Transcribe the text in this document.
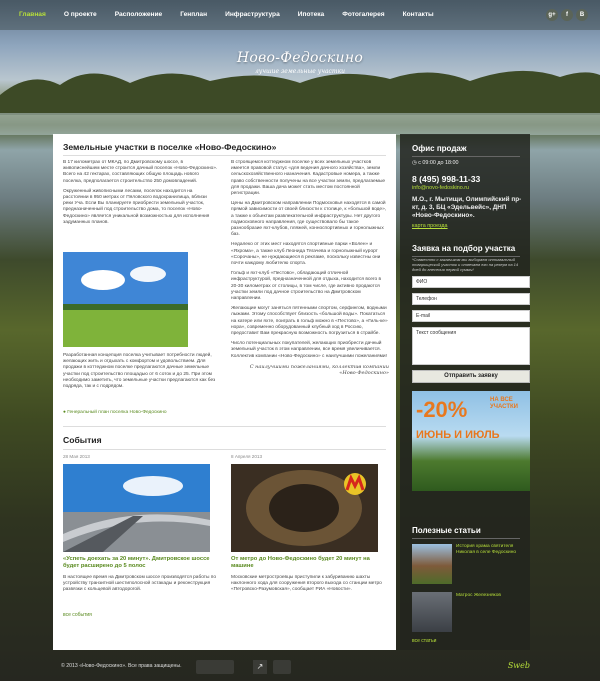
Главная	О проекте	Расположение	Генплан	Инфраструктура	Ипотека	Фотогалерея	Контакты	g+	f	В
Ново-Федоскино
лучшие земельные участки
Земельные участки в поселке «Ново-Федоскино»

В 17 километрах от МКАД, по Дмитровскому шоссе, в живописнейшем месте строится дачный поселок «Ново-Федоскино». Всего на 42 гектарах, составляющих общую площадь нового поселка, предполагается строительство 250 домовладений.

Окруженный живописными лесами, поселок находится на расстоянии в 950 метрах от Пяловского водохранилища, вблизи реки Уча. Если Вы планируете приобрести земельный участок, предназначенный под строительство дома, то поселок «Ново-Федоскино» является уникальной возможностью для исполнения задуманных планов.

Разработанная концепция поселка учитывает потребности людей, желающих жить и отдыхать с комфортом и удовольствием. Для продажи в коттеджном поселке предлагаются дачные земельные участки под строительство площадью от 6 соток и до 25. При этом необходимо заметить, что земельные участки предлагаются как без подряда, так и с подрядом.

● Генеральный план поселка Ново-Федоскино

В строящемся коттеджном поселке у всех земельных участков имеется правовой статус «для ведения дачного хозяйства», земли сельскохозяйственного назначения. Кадастровые номера, а также право собственности получены на все участки земли, предлагаемые для продажи. Ваша дача может стать местом постоянной регистрации.

Цены на Дмитровском направлении Подмосковья находятся в самой прямой зависимости от своей близости к столице, к «большой воде», а также к объектам развлекательной инфраструктуры. Нет другого подмосковного направления, где существовало бы такое разнообразие яхт-клубов, пляжей, конноспортивных и горнолыжных баз.

Недалеко от этих мест находятся спортивные парки «Волен» и «Яхрома», а также клуб Леонида Тягачева и горнолыжный курорт «Сорочаны», не нуждающиеся в рекламе, поскольку известны они почти каждому любителю спорта.

Гольф и яхт-клуб «Пестово», обладающий отличной инфраструктурой, предназначенной для отдыха, находится всего в 20-30 километрах от столицы, в том числе, где активно продаются участки земли под дачное строительство на Дмитровском направлении.

Желающие могут заняться пятенными спортом, серфингом, водными лыжами. Этому способствует близость «большой воды». Покататься на катере или яхте, поиграть в гольф можно в «Пестово», а «Гиль-ке» нора», современно оборудованный клубный ход в Россию, предоставит Вам прекрасную возможность погрузиться в страйбе.

Число потенциальных покупателей, желающих приобрести дачный земельный участок в этом направлении, все время увеличивается. Коллектив компании «Ново-Федоскино» с наилучшими пожеланиями!

С наилучшими пожеланиями, коллектив компании «Ново-Федоскино»

События
28 Мая 2013
«Успеть доехать за 20 минут». Дмитровское шоссе будет расширено до 5 полос
В настоящее время на Дмитровском шоссе производятся работы по устройству транзитной шестиполосной эстакады и реконструкция развязки с кольцевой автодорогой.
8 Апреля 2013
От метро до Ново-Федоскино будет 20 минут на машине
Московские метростроевцы приступили к забуриванию шахты наклонного хода для сооружения второго выхода со станции метро «Петровско-Разумовская», сообщает РИА «Новости».
все события
Офис продаж
◷ с 09:00 до 18:00
8 (495) 998-11-33
info@novo-fedoskino.ru
М.О., г. Мытищи, Олимпийский пр-кт, д. 3, БЦ «Эдельвейс», ДНП «Ново-Федоскино».
карта проезда
Заявка на подбор участка
*Совместно с заказчиком мы выбираем оптимальный товарищеский участок и отвечаем его на резерв на 14 дней до внесения первой суммы!
ФИО
Телефон
E-mail
Текст сообщения
Отправить заявку
-20%	НА ВСЕ УЧАСТКИ
ИЮНЬ И ИЮЛЬ
Полезные статьи
История храма святителя Николая в селе Федоскино
Матрос Железняков
все статьи
© 2013 «Ново-Федоскино». Все права защищены.	↗	Sweb
